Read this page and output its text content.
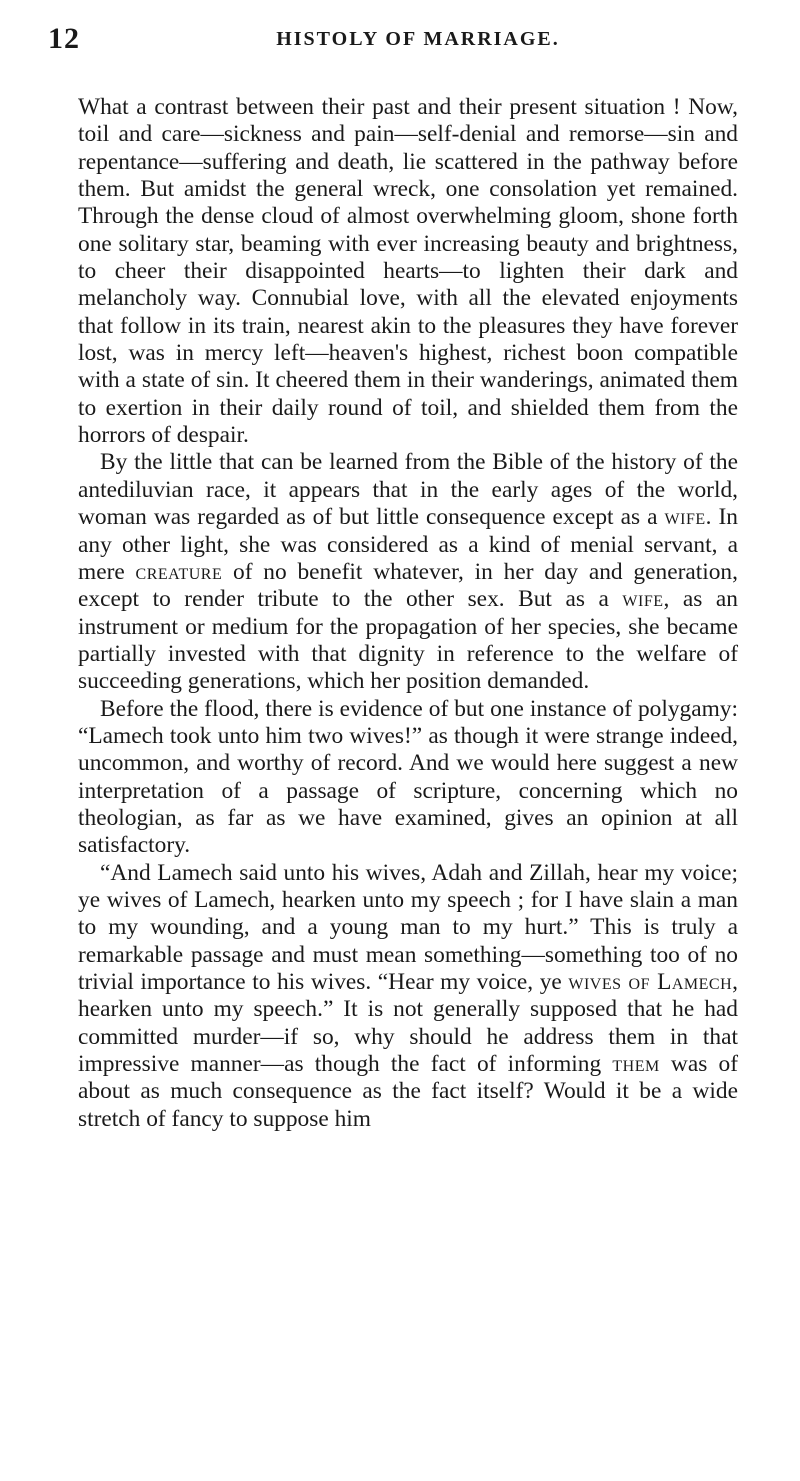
12	HISTOLY OF MARRIAGE.

What a contrast between their past and their present situation ! Now, toil and care—sickness and pain—self-denial and remorse—sin and repentance—suffering and death, lie scattered in the pathway before them. But amidst the general wreck, one consolation yet remained. Through the dense cloud of almost overwhelming gloom, shone forth one solitary star, beaming with ever increasing beauty and brightness, to cheer their disappointed hearts—to lighten their dark and melancholy way. Connubial love, with all the elevated enjoyments that follow in its train, nearest akin to the pleasures they have forever lost, was in mercy left—heaven's highest, richest boon compatible with a state of sin. It cheered them in their wanderings, animated them to exertion in their daily round of toil, and shielded them from the horrors of despair.

By the little that can be learned from the Bible of the history of the antediluvian race, it appears that in the early ages of the world, woman was regarded as of but little consequence except as a wife. In any other light, she was considered as a kind of menial servant, a mere creature of no benefit whatever, in her day and generation, except to render tribute to the other sex. But as a wife, as an instrument or medium for the propagation of her species, she became partially invested with that dignity in reference to the welfare of succeeding generations, which her position demanded.

Before the flood, there is evidence of but one instance of polygamy: “Lamech took unto him two wives!” as though it were strange indeed, uncommon, and worthy of record. And we would here suggest a new interpretation of a passage of scripture, concerning which no theologian, as far as we have examined, gives an opinion at all satisfactory.

“And Lamech said unto his wives, Adah and Zillah, hear my voice; ye wives of Lamech, hearken unto my speech ; for I have slain a man to my wounding, and a young man to my hurt.” This is truly a remarkable passage and must mean something—something too of no trivial importance to his wives. “Hear my voice, ye wives of Lamech, hearken unto my speech.” It is not generally supposed that he had committed murder—if so, why should he address them in that impressive manner—as though the fact of informing them was of about as much consequence as the fact itself? Would it be a wide stretch of fancy to suppose him
